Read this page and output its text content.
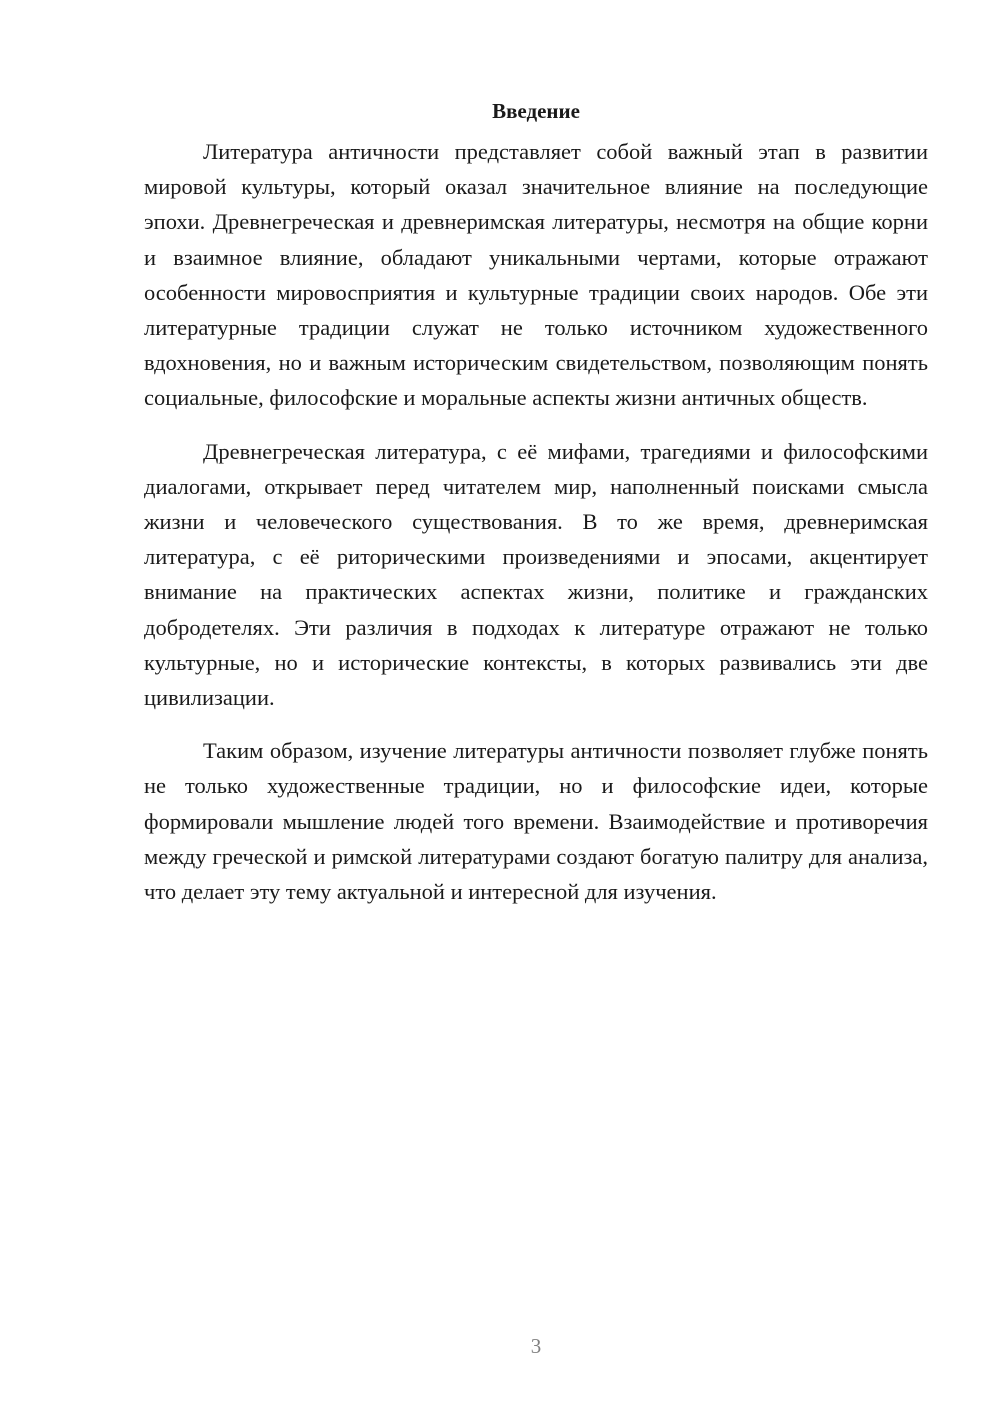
Введение

Литература античности представляет собой важный этап в развитии мировой культуры, который оказал значительное влияние на последующие эпохи. Древнегреческая и древнеримская литературы, несмотря на общие корни и взаимное влияние, обладают уникальными чертами, которые отражают особенности мировосприятия и культурные традиции своих народов. Обе эти литературные традиции служат не только источником художественного вдохновения, но и важным историческим свидетельством, позволяющим понять социальные, философские и моральные аспекты жизни античных обществ.

Древнегреческая литература, с её мифами, трагедиями и философскими диалогами, открывает перед читателем мир, наполненный поисками смысла жизни и человеческого существования. В то же время, древнеримская литература, с её риторическими произведениями и эпосами, акцентирует внимание на практических аспектах жизни, политике и гражданских добродетелях. Эти различия в подходах к литературе отражают не только культурные, но и исторические контексты, в которых развивались эти две цивилизации.

Таким образом, изучение литературы античности позволяет глубже понять не только художественные традиции, но и философские идеи, которые формировали мышление людей того времени. Взаимодействие и противоречия между греческой и римской литературами создают богатую палитру для анализа, что делает эту тему актуальной и интересной для изучения.

3
